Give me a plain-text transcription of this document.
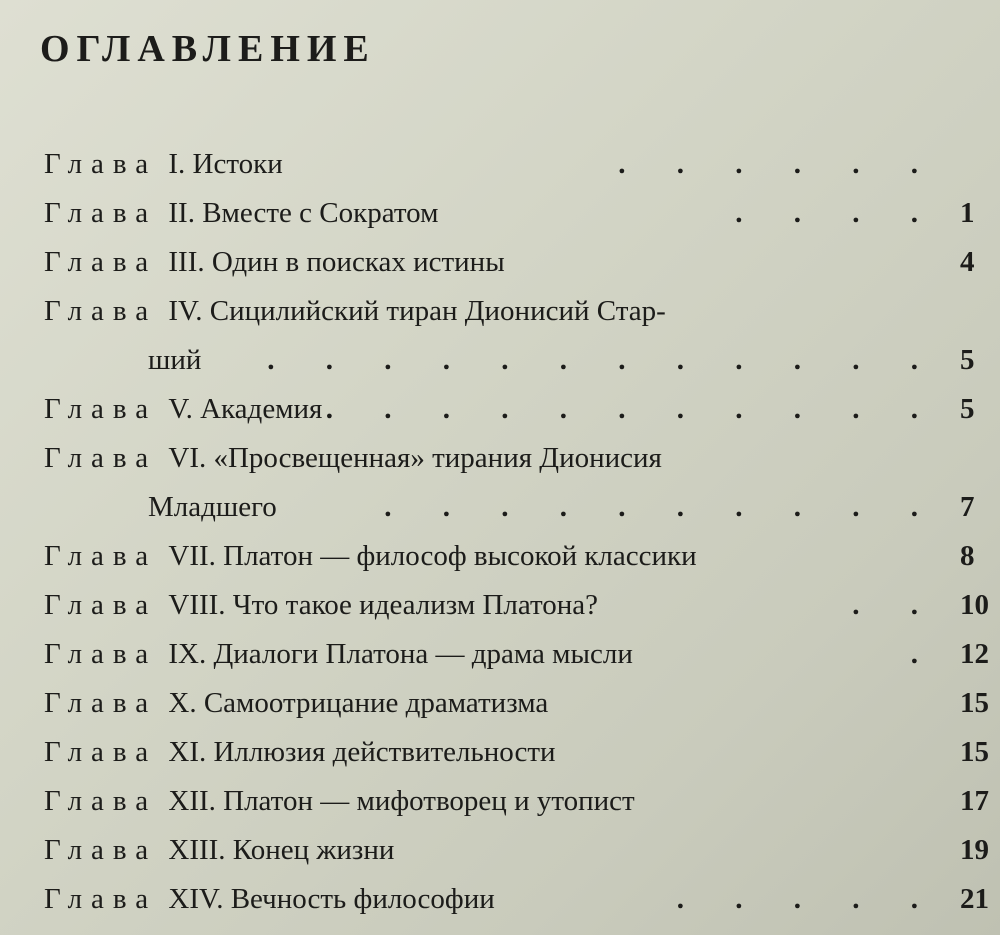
ОГЛАВЛЕНИЕ
Глава I. Истоки	. . . . . .
Глава II. Вместе с Сократом	. . . . 1
Глава III. Один в поисках истины	4
Глава IV. Сицилийский тиран Дионисий Стар-
ший	. . . . . . . . . . . . 5
Глава V. Академия . . . . . . . . . . . 5
Глава VI. «Просвещенная» тирания Дионисия
Младшего	. . . . . . . . . . 7
Глава VII. Платон — философ высокой классики	8
Глава VIII. Что такое идеализм Платона?	. . 10
Глава IX. Диалоги Платона — драма мысли	. 12
Глава X. Самоотрицание драматизма	15
Глава XI. Иллюзия действительности	15
Глава XII. Платон — мифотворец и утопист	17
Глава XIII. Конец жизни	19
Глава XIV. Вечность философии	. . . . . 21
